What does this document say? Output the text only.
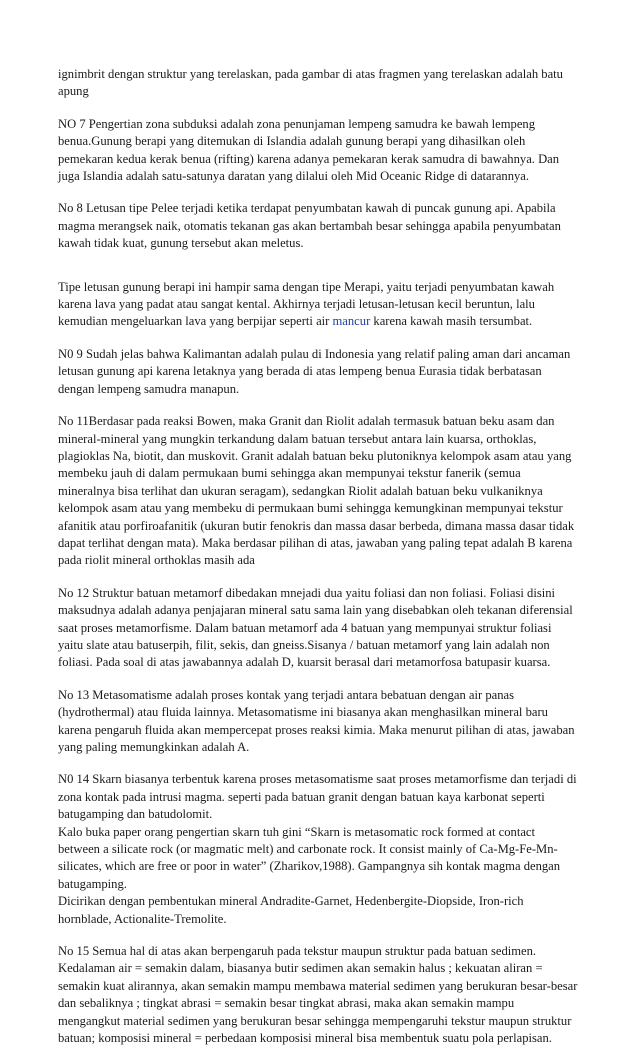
ignimbrit dengan struktur yang terelaskan, pada gambar di atas fragmen yang terelaskan adalah batu apung

NO 7 Pengertian zona subduksi adalah zona penunjaman lempeng samudra ke bawah lempeng benua.Gunung berapi yang ditemukan di Islandia adalah gunung berapi yang dihasilkan oleh pemekaran kedua kerak benua (rifting) karena adanya pemekaran kerak samudra di bawahnya. Dan juga Islandia adalah satu-satunya daratan yang dilalui oleh Mid Oceanic Ridge di datarannya.

No 8 Letusan tipe Pelee terjadi ketika terdapat penyumbatan kawah di puncak gunung api. Apabila magma merangsek naik, otomatis tekanan gas akan bertambah besar sehingga apabila penyumbatan kawah tidak kuat, gunung tersebut akan meletus.

Tipe letusan gunung berapi ini hampir sama dengan tipe Merapi, yaitu terjadi penyumbatan kawah karena lava yang padat atau sangat kental. Akhirnya terjadi letusan-letusan kecil beruntun, lalu kemudian mengeluarkan lava yang berpijar seperti air mancur karena kawah masih tersumbat.

N0 9 Sudah jelas bahwa Kalimantan adalah pulau di Indonesia yang relatif paling aman dari ancaman letusan gunung api karena letaknya yang berada di atas lempeng benua Eurasia tidak berbatasan dengan lempeng samudra manapun.

No 11Berdasar pada reaksi Bowen, maka Granit dan Riolit adalah termasuk batuan beku asam dan mineral-mineral yang mungkin terkandung dalam batuan tersebut antara lain kuarsa, orthoklas, plagioklas Na, biotit, dan muskovit. Granit adalah batuan beku plutoniknya kelompok asam atau yang membeku jauh di dalam permukaan bumi sehingga akan mempunyai tekstur fanerik (semua mineralnya bisa terlihat dan ukuran seragam), sedangkan Riolit adalah batuan beku vulkaniknya kelompok asam atau yang membeku di permukaan bumi sehingga kemungkinan mempunyai tekstur afanitik atau porfiroafanitik (ukuran butir fenokris dan massa dasar berbeda, dimana massa dasar tidak dapat terlihat dengan mata). Maka berdasar pilihan di atas, jawaban yang paling tepat adalah B karena pada riolit mineral orthoklas masih ada

No 12 Struktur batuan metamorf dibedakan mnejadi dua yaitu foliasi dan non foliasi. Foliasi disini maksudnya adalah adanya penjajaran mineral satu sama lain yang disebabkan oleh tekanan diferensial saat proses metamorfisme. Dalam batuan metamorf ada 4 batuan yang mempunyai struktur foliasi yaitu slate atau batuserpih, filit, sekis, dan gneiss.Sisanya / batuan metamorf yang lain adalah non foliasi. Pada soal di atas jawabannya adalah D, kuarsit berasal dari metamorfosa batupasir kuarsa.

No 13 Metasomatisme adalah proses kontak yang terjadi antara bebatuan dengan air panas (hydrothermal) atau fluida lainnya. Metasomatisme ini biasanya akan menghasilkan mineral baru karena pengaruh fluida akan mempercepat proses reaksi kimia. Maka menurut pilihan di atas, jawaban yang paling memungkinkan adalah A.

N0 14 Skarn biasanya terbentuk karena proses metasomatisme saat proses metamorfisme dan terjadi di zona kontak pada intrusi magma. seperti pada batuan granit dengan batuan kaya karbonat seperti batugamping dan batudolomit.
Kalo buka paper orang pengertian skarn tuh gini “Skarn is metasomatic rock formed at contact between a silicate rock (or magmatic melt) and carbonate rock. It consist mainly of Ca-Mg-Fe-Mn-silicates, which are free or poor in water” (Zharikov,1988). Gampangnya sih kontak magma dengan batugamping.
Dicirikan dengan pembentukan mineral Andradite-Garnet, Hedenbergite-Diopside, Iron-rich hornblade, Actionalite-Tremolite.

No 15 Semua hal di atas akan berpengaruh pada tekstur maupun struktur pada batuan sedimen.
Kedalaman air = semakin dalam, biasanya butir sedimen akan semakin halus ; kekuatan aliran = semakin kuat alirannya, akan semakin mampu membawa material sedimen yang berukuran besar-besar dan sebaliknya ; tingkat abrasi = semakin besar tingkat abrasi, maka akan semakin mampu mengangkut material sedimen yang berukuran besar sehingga mempengaruhi tekstur maupun struktur batuan; komposisi mineral = perbedaan komposisi mineral bisa membentuk suatu pola perlapisan.
